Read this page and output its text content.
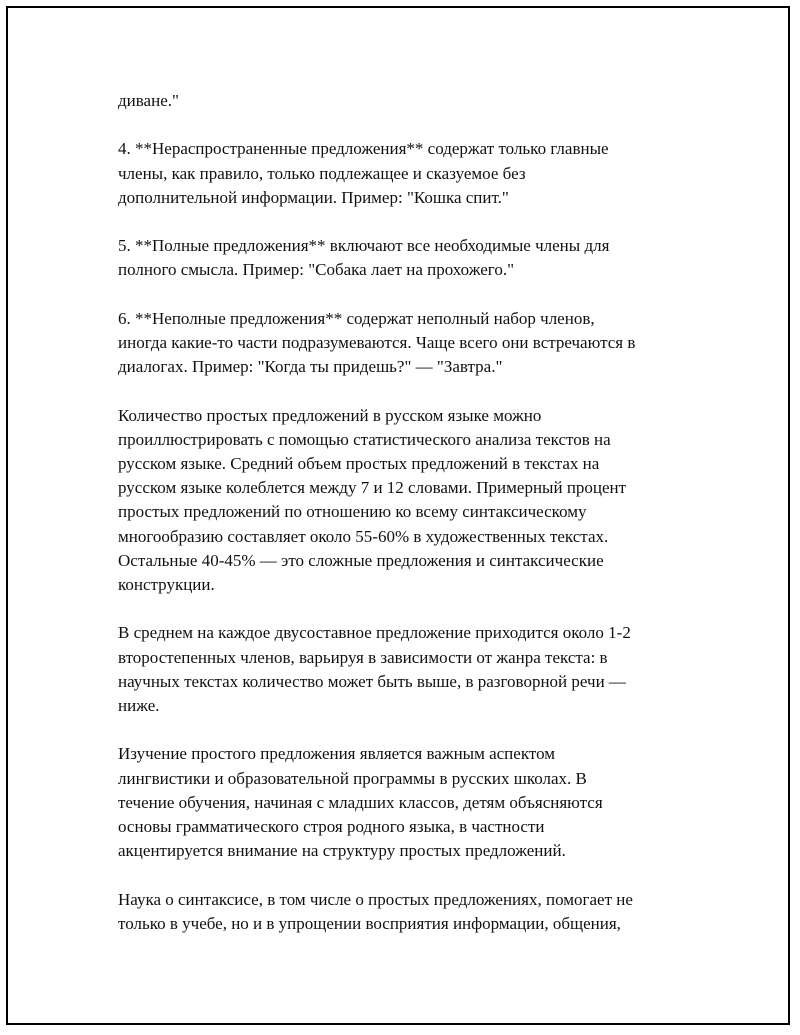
диване."

4. **Нераспространенные предложения** содержат только главные
члены, как правило, только подлежащее и сказуемое без
дополнительной информации. Пример: "Кошка спит."

5. **Полные предложения** включают все необходимые члены для
полного смысла. Пример: "Собака лает на прохожего."

6. **Неполные предложения** содержат неполный набор членов,
иногда какие-то части подразумеваются. Чаще всего они встречаются в
диалогах. Пример: "Когда ты придешь?" — "Завтра."

Количество простых предложений в русском языке можно
проиллюстрировать с помощью статистического анализа текстов на
русском языке. Средний объем простых предложений в текстах на
русском языке колеблется между 7 и 12 словами. Примерный процент
простых предложений по отношению ко всему синтаксическому
многообразию составляет около 55-60% в художественных текстах.
Остальные 40-45% — это сложные предложения и синтаксические
конструкции.

В среднем на каждое двусоставное предложение приходится около 1-2
второстепенных членов, варьируя в зависимости от жанра текста: в
научных текстах количество может быть выше, в разговорной речи —
ниже.

Изучение простого предложения является важным аспектом
лингвистики и образовательной программы в русских школах. В
течение обучения, начиная с младших классов, детям объясняются
основы грамматического строя родного языка, в частности
акцентируется внимание на структуру простых предложений.

Наука о синтаксисе, в том числе о простых предложениях, помогает не
только в учебе, но и в упрощении восприятия информации, общения,
